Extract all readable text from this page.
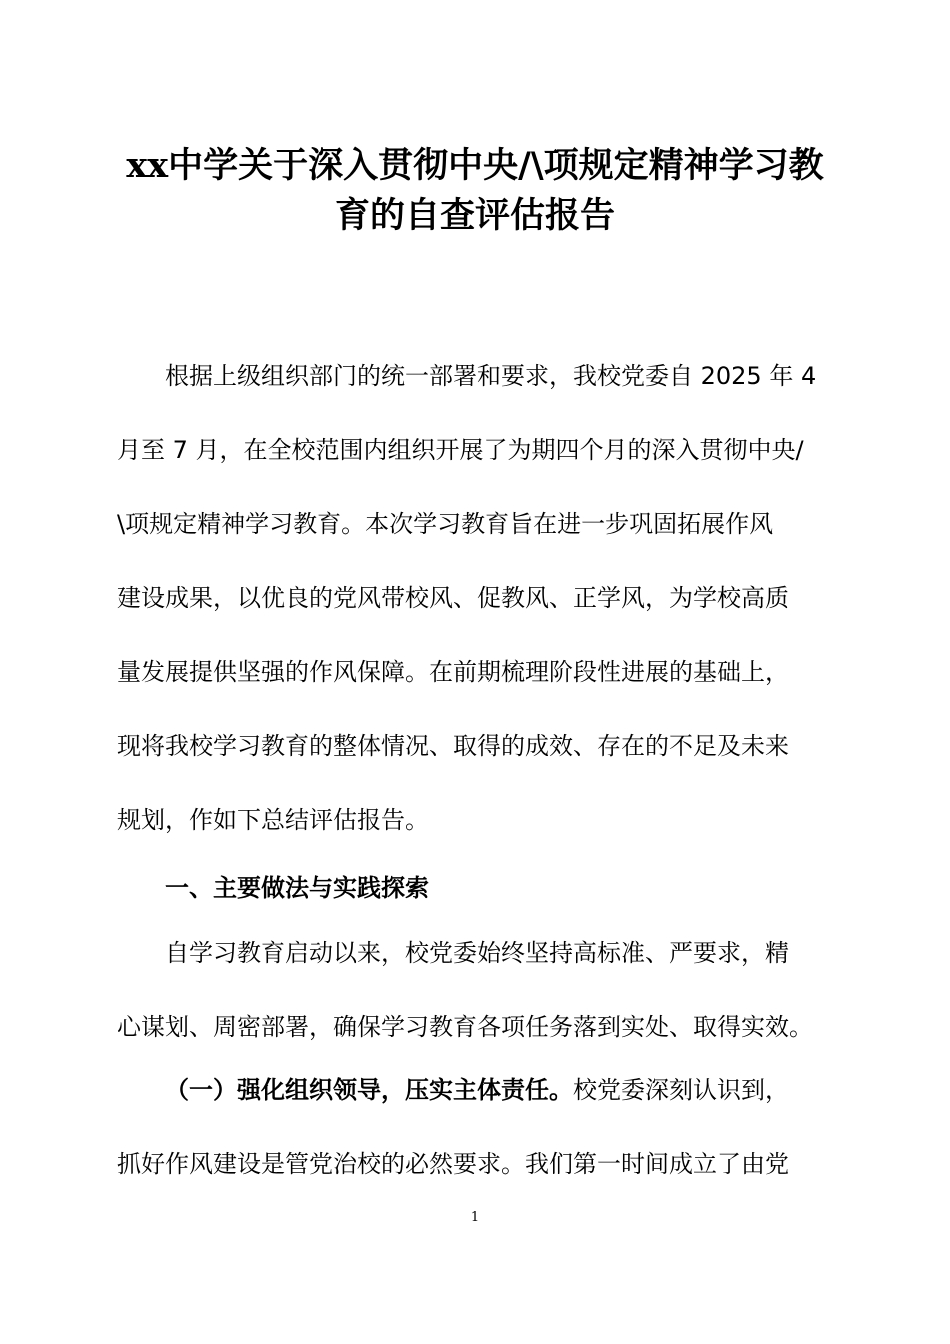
xx中学关于深入贯彻中央/\项规定精神学习教
育的自查评估报告

根据上级组织部门的统一部署和要求，我校党委自 2025 年 4

月至 7 月，在全校范围内组织开展了为期四个月的深入贯彻中央/

\项规定精神学习教育。本次学习教育旨在进一步巩固拓展作风

建设成果，以优良的党风带校风、促教风、正学风，为学校高质

量发展提供坚强的作风保障。在前期梳理阶段性进展的基础上，

现将我校学习教育的整体情况、取得的成效、存在的不足及未来

规划，作如下总结评估报告。

一、主要做法与实践探索

自学习教育启动以来，校党委始终坚持高标准、严要求，精

心谋划、周密部署，确保学习教育各项任务落到实处、取得实效。

（一）强化组织领导，压实主体责任。校党委深刻认识到，

抓好作风建设是管党治校的必然要求。我们第一时间成立了由党

1
